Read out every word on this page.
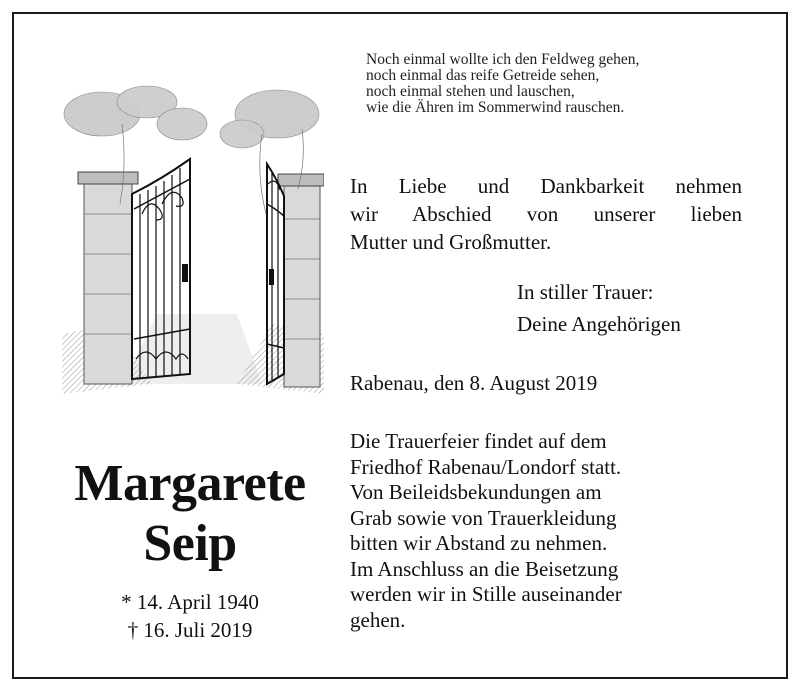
Noch einmal wollte ich den Feldweg gehen,
noch einmal das reife Getreide sehen,
noch einmal stehen und lauschen,
wie die Ähren im Sommerwind rauschen.
In Liebe und Dankbarkeit nehmen
wir Abschied von unserer lieben
Mutter und Großmutter.
In stiller Trauer:
Deine Angehörigen
Rabenau, den 8. August 2019
Die Trauerfeier findet auf dem
Friedhof Rabenau/Londorf statt.
Von Beileidsbekundungen am
Grab sowie von Trauerkleidung
bitten wir Abstand zu nehmen.
Im Anschluss an die Beisetzung
werden wir in Stille auseinander
gehen.
Margarete
Seip
* 14. April 1940
† 16. Juli 2019
